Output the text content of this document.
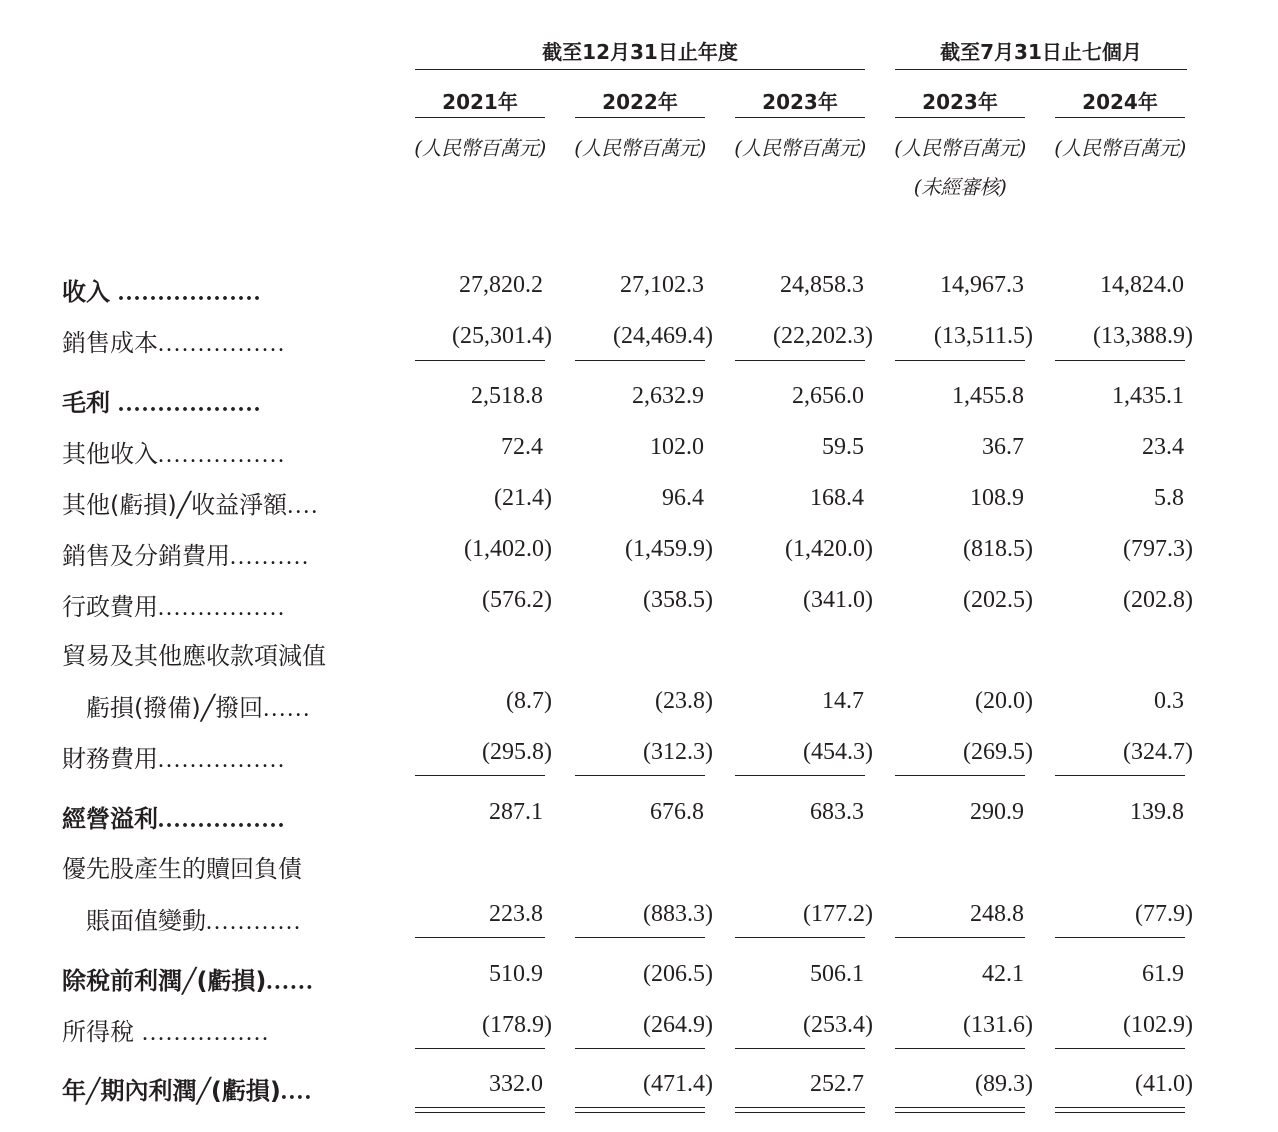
截至12月31日止年度	截至7月31日止七個月
2021年	2022年	2023年	2023年	2024年
(人民幣百萬元)	(人民幣百萬元)	(人民幣百萬元)	(人民幣百萬元)	(人民幣百萬元)
(未經審核)
收入 ..................	27,820.2	27,102.3	24,858.3	14,967.3	14,824.0
銷售成本................	(25,301.4)	(24,469.4)	(22,202.3)	(13,511.5)	(13,388.9)
毛利 ..................	2,518.8	2,632.9	2,656.0	1,455.8	1,435.1
其他收入................	72.4	102.0	59.5	36.7	23.4
其他(虧損)╱收益淨額....	(21.4)	96.4	168.4	108.9	5.8
銷售及分銷費用..........	(1,402.0)	(1,459.9)	(1,420.0)	(818.5)	(797.3)
行政費用................	(576.2)	(358.5)	(341.0)	(202.5)	(202.8)
貿易及其他應收款項減值
虧損(撥備)╱撥回......	(8.7)	(23.8)	14.7	(20.0)	0.3
財務費用................	(295.8)	(312.3)	(454.3)	(269.5)	(324.7)
經營溢利................	287.1	676.8	683.3	290.9	139.8
優先股產生的贖回負債
賬面值變動............	223.8	(883.3)	(177.2)	248.8	(77.9)
除稅前利潤╱(虧損)......	510.9	(206.5)	506.1	42.1	61.9
所得稅 ................	(178.9)	(264.9)	(253.4)	(131.6)	(102.9)
年╱期內利潤╱(虧損)....	332.0	(471.4)	252.7	(89.3)	(41.0)
